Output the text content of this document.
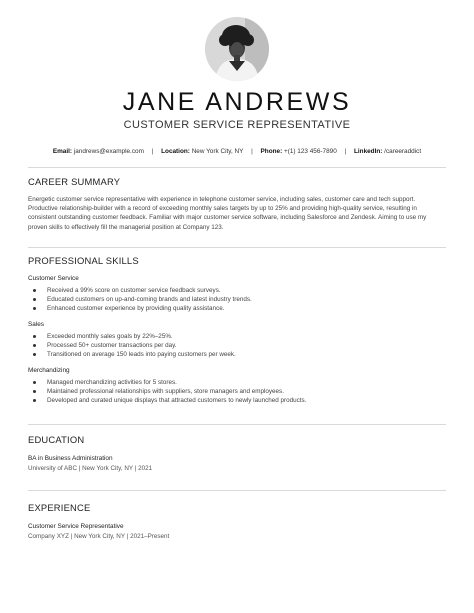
JANE ANDREWS
CUSTOMER SERVICE REPRESENTATIVE
Email: jandrews@example.com | Location: New York City, NY | Phone: +(1) 123 456-7890 | LinkedIn: /careeraddict
CAREER SUMMARY
Energetic customer service representative with experience in telephone customer service, including sales, customer care and tech support. Productive relationship-builder with a record of exceeding monthly sales targets by up to 25% and providing high-quality service, resulting in consistent outstanding customer feedback. Familiar with major customer service software, including Salesforce and Zendesk. Aiming to use my proven skills to effectively fill the managerial position at Company 123.
PROFESSIONAL SKILLS
Customer Service
Received a 99% score on customer service feedback surveys.
Educated customers on up-and-coming brands and latest industry trends.
Enhanced customer experience by providing quality assistance.
Sales
Exceeded monthly sales goals by 22%–25%.
Processed 50+ customer transactions per day.
Transitioned on average 150 leads into paying customers per week.
Merchandizing
Managed merchandizing activities for 5 stores.
Maintained professional relationships with suppliers, store managers and employees.
Developed and curated unique displays that attracted customers to newly launched products.
EDUCATION
BA in Business Administration
University of ABC | New York City, NY | 2021
EXPERIENCE
Customer Service Representative
Company XYZ | New York City, NY | 2021–Present
